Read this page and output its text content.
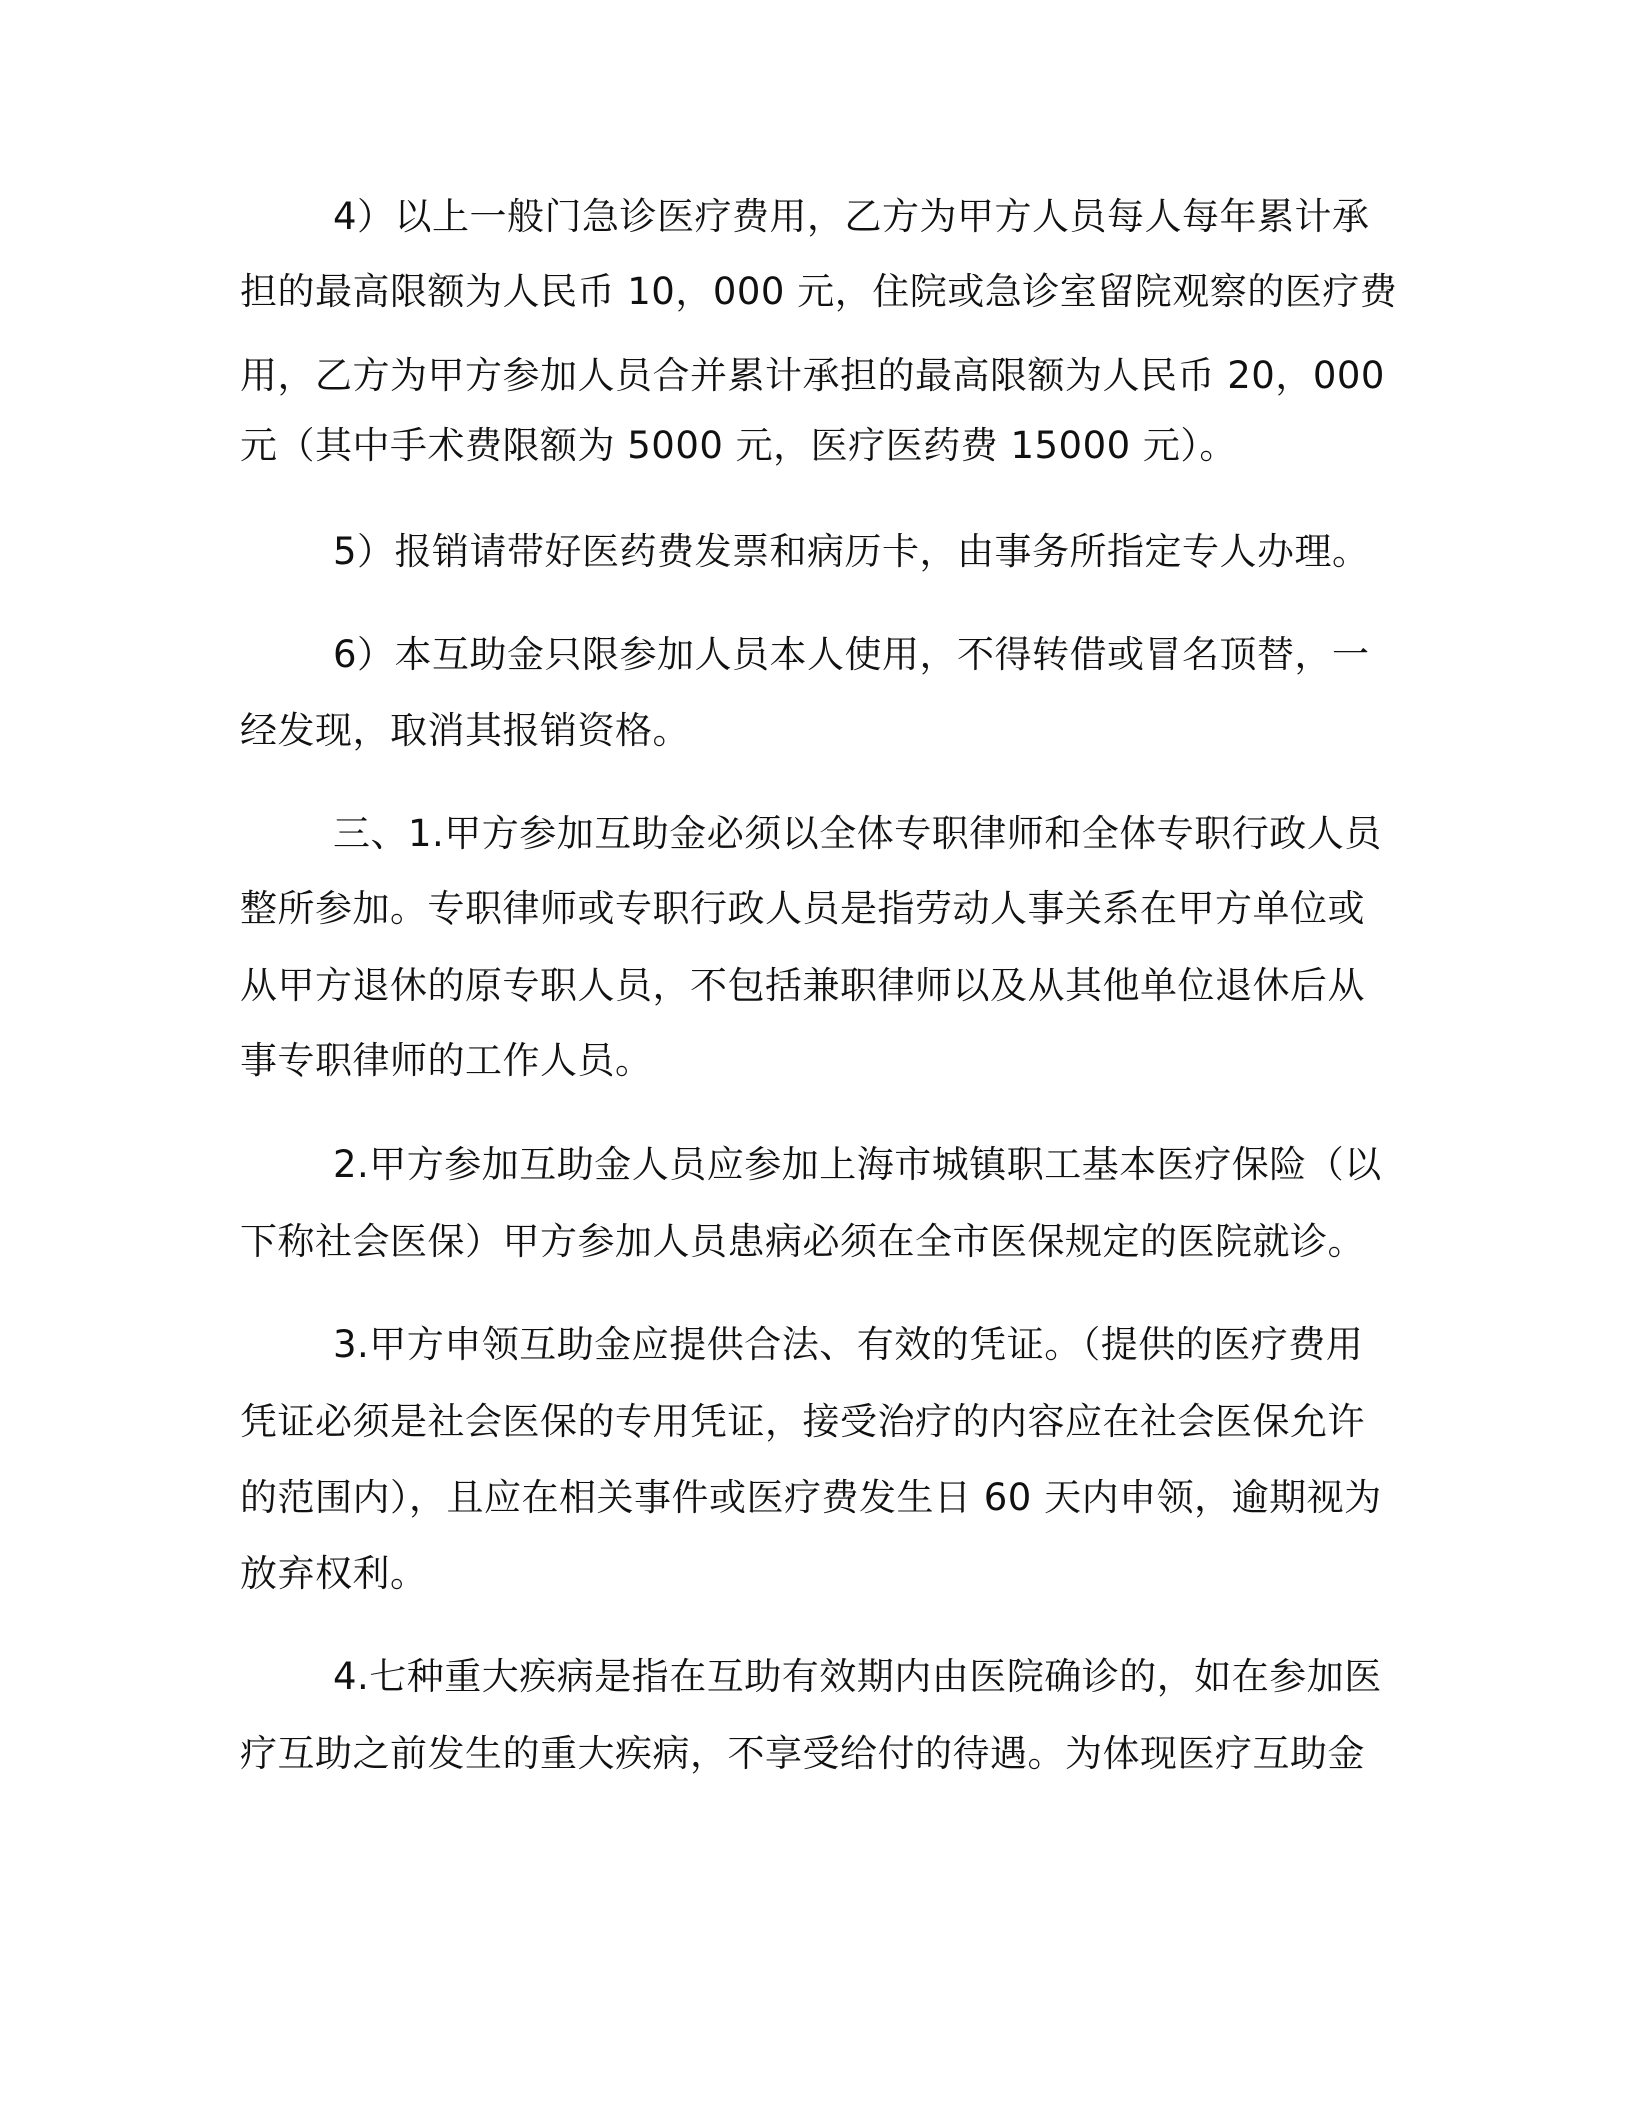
4）以上一般门急诊医疗费用，乙方为甲方人员每人每年累计承

担的最高限额为人民币 10，000 元，住院或急诊室留院观察的医疗费

用，乙方为甲方参加人员合并累计承担的最高限额为人民币 20，000

元（其中手术费限额为 5000 元，医疗医药费 15000 元）。

5）报销请带好医药费发票和病历卡，由事务所指定专人办理。

6）本互助金只限参加人员本人使用，不得转借或冒名顶替，一

经发现，取消其报销资格。

三、1.甲方参加互助金必须以全体专职律师和全体专职行政人员

整所参加。专职律师或专职行政人员是指劳动人事关系在甲方单位或

从甲方退休的原专职人员，不包括兼职律师以及从其他单位退休后从

事专职律师的工作人员。

2.甲方参加互助金人员应参加上海市城镇职工基本医疗保险（以

下称社会医保）甲方参加人员患病必须在全市医保规定的医院就诊。

3.甲方申领互助金应提供合法、有效的凭证。（提供的医疗费用

凭证必须是社会医保的专用凭证，接受治疗的内容应在社会医保允许

的范围内），且应在相关事件或医疗费发生日 60 天内申领，逾期视为

放弃权利。

4.七种重大疾病是指在互助有效期内由医院确诊的，如在参加医

疗互助之前发生的重大疾病，不享受给付的待遇。为体现医疗互助金
